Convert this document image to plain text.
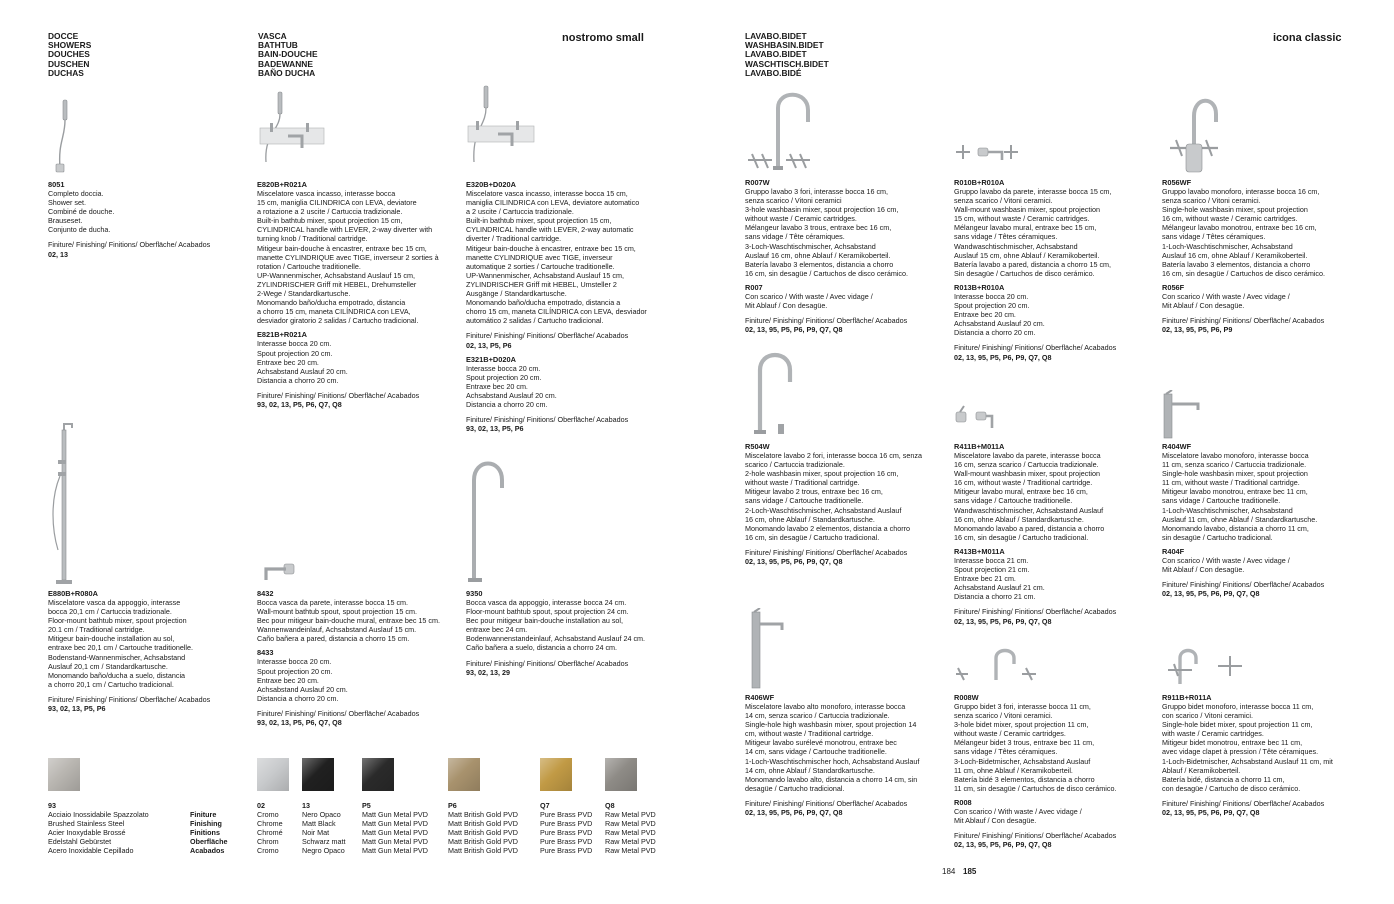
DOCCE
SHOWERS
DOUCHES
DUSCHEN
DUCHAS
VASCA
BATHTUB
BAIN-DOUCHE
BADEWANNE
BAÑO DUCHA
nostromo small	LAVABO.BIDET
WASHBASIN.BIDET
LAVABO.BIDET
WASCHTISCH.BIDET
LAVABO.BIDÉ
icona classic
8051
Completo doccia.
Shower set.
Combiné de douche.
Brauseset.
Conjunto de ducha.
Finiture/ Finishing/ Finitions/ Oberfläche/ Acabados
02, 13
E820B+R021A
Miscelatore vasca incasso, interasse bocca
15 cm, maniglia CILINDRICA con LEVA, deviatore
a rotazione a 2 uscite / Cartuccia tradizionale.
Built-in bathtub mixer, spout projection 15 cm,
CYLINDRICAL handle with LEVER, 2-way diverter with
turning knob / Traditional cartridge.
Mitigeur bain-douche à encastrer, entraxe bec 15 cm,
manette CYLINDRIQUE avec TIGE, inverseur 2 sorties à
rotation / Cartouche traditionelle.
UP-Wannenmischer, Achsabstand Auslauf 15 cm,
ZYLINDRISCHER Griff mit HEBEL, Drehumsteller
2-Wege / Standardkartusche.
Monomando baño/ducha empotrado, distancia
a chorro 15 cm, maneta CILÍNDRICA con LEVA,
desviador giratorio 2 salidas / Cartucho tradicional.
E821B+R021A
Interasse bocca 20 cm.
Spout projection 20 cm.
Entraxe bec 20 cm.
Achsabstand Auslauf 20 cm.
Distancia a chorro 20 cm.
Finiture/ Finishing/ Finitions/ Oberfläche/ Acabados
93, 02, 13, P5, P6, Q7, Q8
E320B+D020A
Miscelatore vasca incasso, interasse bocca 15 cm,
maniglia CILINDRICA con LEVA, deviatore automatico
a 2 uscite / Cartuccia tradizionale.
Built-in bathtub mixer, spout projection 15 cm,
CYLINDRICAL handle with LEVER, 2-way automatic
diverter / Traditional cartridge.
Mitigeur bain-douche à encastrer, entraxe bec 15 cm,
manette CYLINDRIQUE avec TIGE, inverseur
automatique 2 sorties / Cartouche traditionelle.
UP-Wannenmischer, Achsabstand Auslauf 15 cm,
ZYLINDRISCHER Griff mit HEBEL, Umsteller 2
Ausgänge / Standardkartusche.
Monomando baño/ducha empotrado, distancia a
chorro 15 cm, maneta CILÍNDRICA con LEVA, desviador
automático 2 salidas / Cartucho tradicional.
Finiture/ Finishing/ Finitions/ Oberfläche/ Acabados
02, 13, P5, P6
E321B+D020A
Interasse bocca 20 cm.
Spout projection 20 cm.
Entraxe bec 20 cm.
Achsabstand Auslauf 20 cm.
Distancia a chorro 20 cm.
Finiture/ Finishing/ Finitions/ Oberfläche/ Acabados
93, 02, 13, P5, P6
E880B+R080A
Miscelatore vasca da appoggio, interasse
bocca 20,1 cm / Cartuccia tradizionale.
Floor-mount bathtub mixer, spout projection
20.1 cm / Traditional cartridge.
Mitigeur bain-douche installation au sol,
entraxe bec 20,1 cm / Cartouche traditionelle.
Bodenstand-Wannenmischer, Achsabstand
Auslauf 20,1 cm / Standardkartusche.
Monomando baño/ducha a suelo, distancia
a chorro 20,1 cm / Cartucho tradicional.
Finiture/ Finishing/ Finitions/ Oberfläche/ Acabados
93, 02, 13, P5, P6
8432
Bocca vasca da parete, interasse bocca 15 cm.
Wall-mount bathtub spout, spout projection 15 cm.
Bec pour mitigeur bain-douche mural, entraxe bec 15 cm.
Wannenwandeinlauf, Achsabstand Auslauf 15 cm.
Caño bañera a pared, distancia a chorro 15 cm.
8433
Interasse bocca 20 cm.
Spout projection 20 cm.
Entraxe bec 20 cm.
Achsabstand Auslauf 20 cm.
Distancia a chorro 20 cm.
Finiture/ Finishing/ Finitions/ Oberfläche/ Acabados
93, 02, 13, P5, P6, Q7, Q8
9350
Bocca vasca da appoggio, interasse bocca 24 cm.
Floor-mount bathtub spout, spout projection 24 cm.
Bec pour mitigeur bain-douche installation au sol,
entraxe bec 24 cm.
Bodenwannenstandeinlauf, Achsabstand Auslauf 24 cm.
Caño bañera a suelo, distancia a chorro 24 cm.
Finiture/ Finishing/ Finitions/ Oberfläche/ Acabados
93, 02, 13, 29
R007W
Gruppo lavabo 3 fori, interasse bocca 16 cm,
senza scarico / Vitoni ceramici
3-hole washbasin mixer, spout projection 16 cm,
without waste / Ceramic cartridges.
Mélangeur lavabo 3 trous, entraxe bec 16 cm,
sans vidage / Tête céramiques.
3-Loch-Waschtischmischer, Achsabstand
Auslauf 16 cm, ohne Ablauf / Keramikoberteil.
Batería lavabo 3 elementos, distancia a chorro
16 cm, sin desagüe / Cartuchos de disco cerámico.
R007
Con scarico / With waste / Avec vidage /
Mit Ablauf / Con desagüe.
Finiture/ Finishing/ Finitions/ Oberfläche/ Acabados
02, 13, 95, P5, P6, P9, Q7, Q8
R010B+R010A
Gruppo lavabo da parete, interasse bocca 15 cm,
senza scarico / Vitoni ceramici.
Wall-mount washbasin mixer, spout projection
15 cm, without waste / Ceramic cartridges.
Mélangeur lavabo mural, entraxe bec 15 cm,
sans vidage / Têtes céramiques.
Wandwaschtischmischer, Achsabstand
Auslauf 15 cm, ohne Ablauf / Keramikoberteil.
Batería lavabo a pared, distancia a chorro 15 cm,
Sin desagüe / Cartuchos de disco cerámico.
R013B+R010A
Interasse bocca 20 cm.
Spout projection 20 cm.
Entraxe bec 20 cm.
Achsabstand Auslauf 20 cm.
Distancia a chorro 20 cm.
Finiture/ Finishing/ Finitions/ Oberfläche/ Acabados
02, 13, 95, P5, P6, P9, Q7, Q8
R056WF
Gruppo lavabo monoforo, interasse bocca 16 cm,
senza scarico / Vitoni ceramici.
Single-hole washbasin mixer, spout projection
16 cm, without waste / Ceramic cartridges.
Mélangeur lavabo monotrou, entraxe bec 16 cm,
sans vidage / Têtes céramiques.
1-Loch-Waschtischmischer, Achsabstand
Auslauf 16 cm, ohne Ablauf / Keramikoberteil.
Batería lavabo 3 elementos, distancia a chorro
16 cm, sin desagüe / Cartuchos de disco cerámico.
R056F
Con scarico / With waste / Avec vidage /
Mit Ablauf / Con desagüe.
Finiture/ Finishing/ Finitions/ Oberfläche/ Acabados
02, 13, 95, P5, P6, P9
R504W
Miscelatore lavabo 2 fori, interasse bocca 16 cm, senza
scarico / Cartuccia tradizionale.
2-hole washbasin mixer, spout projection 16 cm,
without waste / Traditional cartridge.
Mitigeur lavabo 2 trous, entraxe bec 16 cm,
sans vidage / Cartouche traditionelle.
2-Loch-Waschtischmischer, Achsabstand Auslauf
16 cm, ohne Ablauf / Standardkartusche.
Monomando lavabo 2 elementos, distancia a chorro
16 cm, sin desagüe / Cartucho tradicional.
Finiture/ Finishing/ Finitions/ Oberfläche/ Acabados
02, 13, 95, P5, P6, P9, Q7, Q8
R411B+M011A
Miscelatore lavabo da parete, interasse bocca
16 cm, senza scarico / Cartuccia tradizionale.
Wall-mount washbasin mixer, spout projection
16 cm, without waste / Traditional cartridge.
Mitigeur lavabo mural, entraxe bec 16 cm,
sans vidage / Cartouche traditionelle.
Wandwaschtischmischer, Achsabstand Auslauf
16 cm, ohne Ablauf / Standardkartusche.
Monomando lavabo a pared, distancia a chorro
16 cm, sin desagüe / Cartucho tradicional.
R413B+M011A
Interasse bocca 21 cm.
Spout projection 21 cm.
Entraxe bec 21 cm.
Achsabstand Auslauf 21 cm.
Distancia a chorro 21 cm.
Finiture/ Finishing/ Finitions/ Oberfläche/ Acabados
02, 13, 95, P5, P6, P9, Q7, Q8
R404WF
Miscelatore lavabo monoforo, interasse bocca
11 cm, senza scarico / Cartuccia tradizionale.
Single-hole washbasin mixer, spout projection
11 cm, without waste / Traditional cartridge.
Mitigeur lavabo monotrou, entraxe bec 11 cm,
sans vidage / Cartouche traditionelle.
1-Loch-Waschtischmischer, Achsabstand
Auslauf 11 cm, ohne Ablauf / Standardkartusche.
Monomando lavabo, distancia a chorro 11 cm,
sin desagüe / Cartucho tradicional.
R404F
Con scarico / With waste / Avec vidage /
Mit Ablauf / Con desagüe.
Finiture/ Finishing/ Finitions/ Oberfläche/ Acabados
02, 13, 95, P5, P6, P9, Q7, Q8
R406WF
Miscelatore lavabo alto monoforo, interasse bocca
14 cm, senza scarico / Cartuccia tradizionale.
Single-hole high washbasin mixer, spout projection 14
cm, without waste / Traditional cartridge.
Mitigeur lavabo surélevé monotrou, entraxe bec
14 cm, sans vidage / Cartouche traditionelle.
1-Loch-Waschtischmischer hoch, Achsabstand Auslauf
14 cm, ohne Ablauf / Standardkartusche.
Monomando lavabo alto, distancia a chorro 14 cm, sin
desagüe / Cartucho tradicional.
Finiture/ Finishing/ Finitions/ Oberfläche/ Acabados
02, 13, 95, P5, P6, P9, Q7, Q8
R008W
Gruppo bidet 3 fori, interasse bocca 11 cm,
senza scarico / Vitoni ceramici.
3-hole bidet mixer, spout projection 11 cm,
without waste / Ceramic cartridges.
Mélangeur bidet 3 trous, entraxe bec 11 cm,
sans vidage / Têtes céramiques.
3-Loch-Bidetmischer, Achsabstand Auslauf
11 cm, ohne Ablauf / Keramikoberteil.
Batería bidé 3 elementos, distancia a chorro
11 cm, sin desagüe / Cartuchos de disco cerámico.
R008
Con scarico / With waste / Avec vidage /
Mit Ablauf / Con desagüe.
Finiture/ Finishing/ Finitions/ Oberfläche/ Acabados
02, 13, 95, P5, P6, P9, Q7, Q8
R911B+R011A
Gruppo bidet monoforo, interasse bocca 11 cm,
con scarico / Vitoni ceramici.
Single-hole bidet mixer, spout projection 11 cm,
with waste / Ceramic cartridges.
Mitigeur bidet monotrou, entraxe bec 11 cm,
avec vidage clapet à pression / Tête céramiques.
1-Loch-Bidetmischer, Achsabstand Auslauf 11 cm, mit
Ablauf / Keramikoberteil.
Batería bidé, distancia a chorro 11 cm,
con desagüe / Cartucho de disco cerámico.
Finiture/ Finishing/ Finitions/ Oberfläche/ Acabados
02, 13, 95, P5, P6, P9, Q7, Q8
93
Acciaio Inossidabile Spazzolato
Brushed Stainless Steel
Acier Inoxydable Brossé
Edelstahl Gebürstet
Acero Inoxidable Cepillado
Finiture
Finishing
Finitions
Oberfläche
Acabados
02
Cromo
Chrome
Chromé
Chrom
Cromo
13
Nero Opaco
Matt Black
Noir Mat
Schwarz matt
Negro Opaco
P5
Matt Gun Metal PVD
Matt Gun Metal PVD
Matt Gun Metal PVD
Matt Gun Metal PVD
Matt Gun Metal PVD
P6
Matt British Gold PVD
Matt British Gold PVD
Matt British Gold PVD
Matt British Gold PVD
Matt British Gold PVD
Q7
Pure Brass PVD
Pure Brass PVD
Pure Brass PVD
Pure Brass PVD
Pure Brass PVD
Q8
Raw Metal PVD
Raw Metal PVD
Raw Metal PVD
Raw Metal PVD
Raw Metal PVD
184 185
